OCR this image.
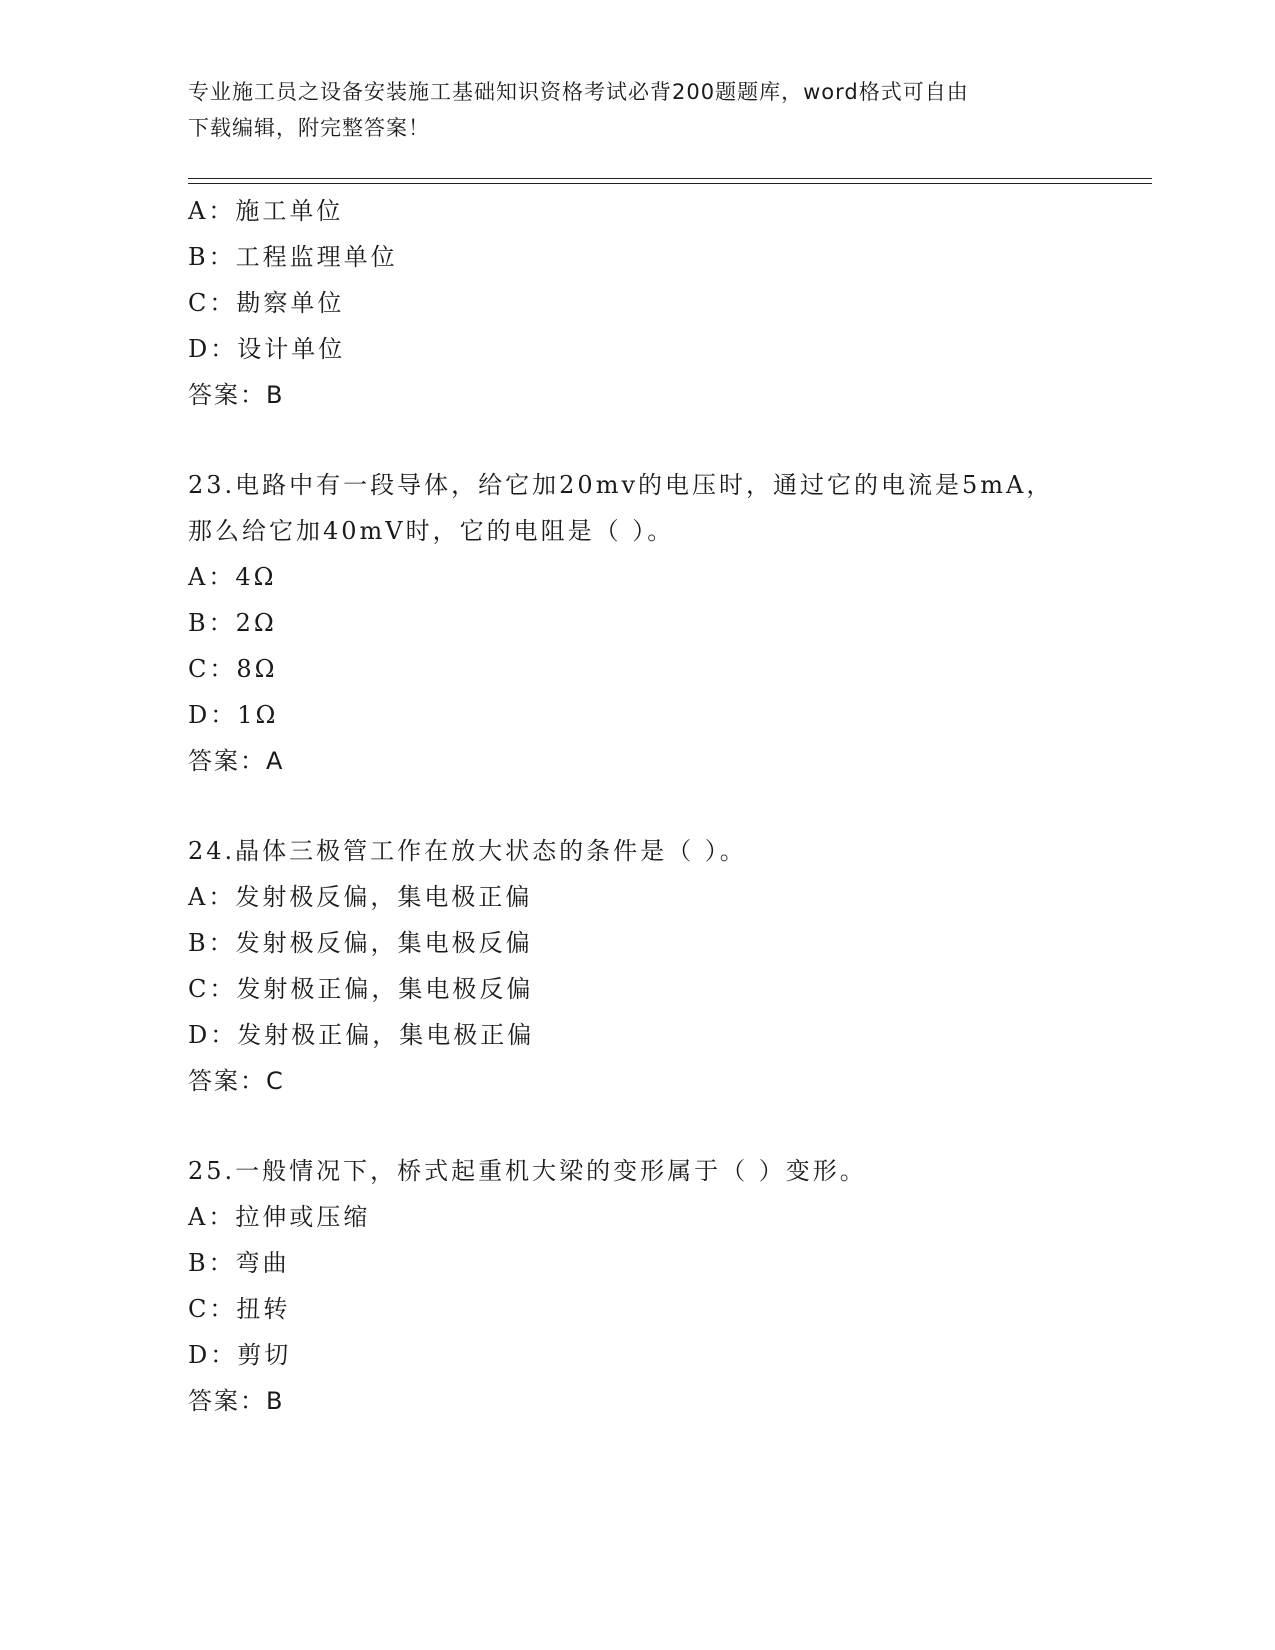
专业施工员之设备安装施工基础知识资格考试必背200题题库，word格式可自由
下载编辑，附完整答案！
A：施工单位
B：工程监理单位
C：勘察单位
D：设计单位
答案：B
23.电路中有一段导体，给它加20mv的电压时，通过它的电流是5mA，
那么给它加40mV时，它的电阻是（ ）。
A：4Ω
B：2Ω
C：8Ω
D：1Ω
答案：A
24.晶体三极管工作在放大状态的条件是（ ）。
A：发射极反偏，集电极正偏
B：发射极反偏，集电极反偏
C：发射极正偏，集电极反偏
D：发射极正偏，集电极正偏
答案：C
25.一般情况下，桥式起重机大梁的变形属于（ ）变形。
A：拉伸或压缩
B：弯曲
C：扭转
D：剪切
答案：B
